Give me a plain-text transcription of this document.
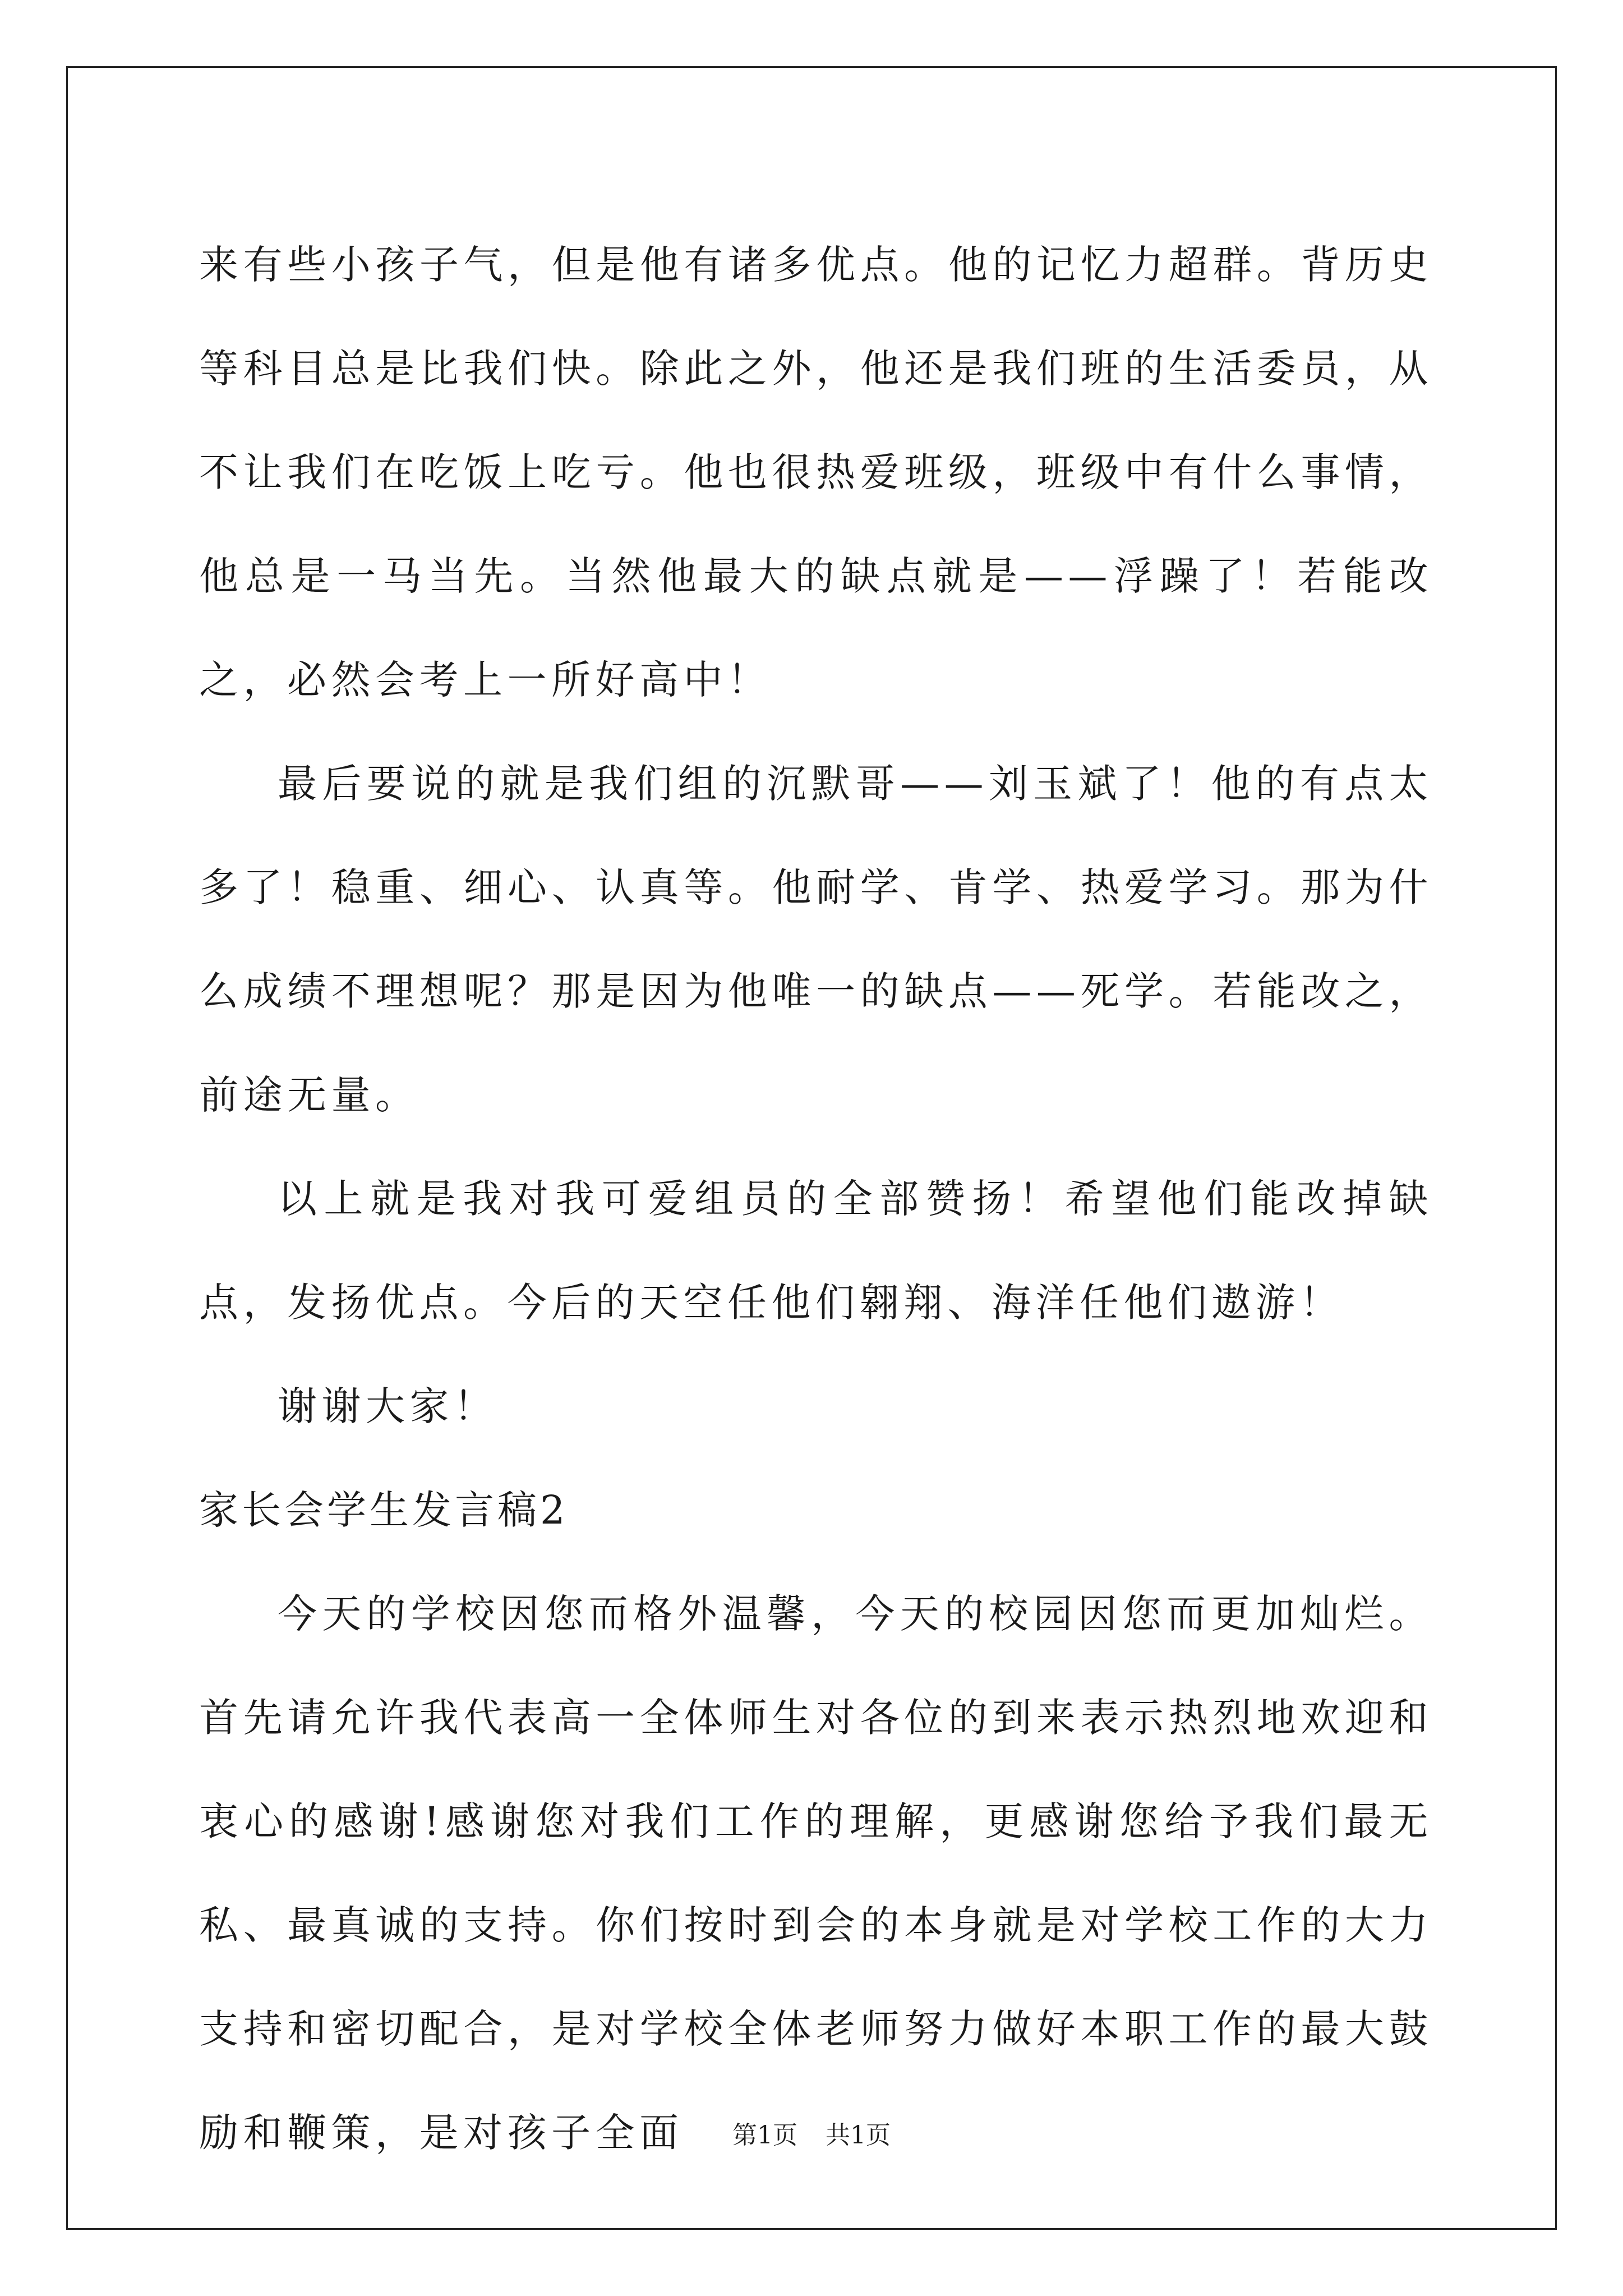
来有些小孩子气，但是他有诸多优点。他的记忆力超群。背历史等科目总是比我们快。除此之外，他还是我们班的生活委员，从不让我们在吃饭上吃亏。他也很热爱班级，班级中有什么事情，他总是一马当先。当然他最大的缺点就是——浮躁了！若能改之，必然会考上一所好高中！

最后要说的就是我们组的沉默哥——刘玉斌了！他的有点太多了！稳重、细心、认真等。他耐学、肯学、热爱学习。那为什么成绩不理想呢？那是因为他唯一的缺点——死学。若能改之，前途无量。

以上就是我对我可爱组员的全部赞扬！希望他们能改掉缺点，发扬优点。今后的天空任他们翱翔、海洋任他们遨游！

谢谢大家！

家长会学生发言稿2

今天的学校因您而格外温馨，今天的校园因您而更加灿烂。首先请允许我代表高一全体师生对各位的到来表示热烈地欢迎和衷心的感谢!感谢您对我们工作的理解，更感谢您给予我们最无私、最真诚的支持。你们按时到会的本身就是对学校工作的大力支持和密切配合，是对学校全体老师努力做好本职工作的最大鼓励和鞭策，是对孩子全面	第1页 共1页
